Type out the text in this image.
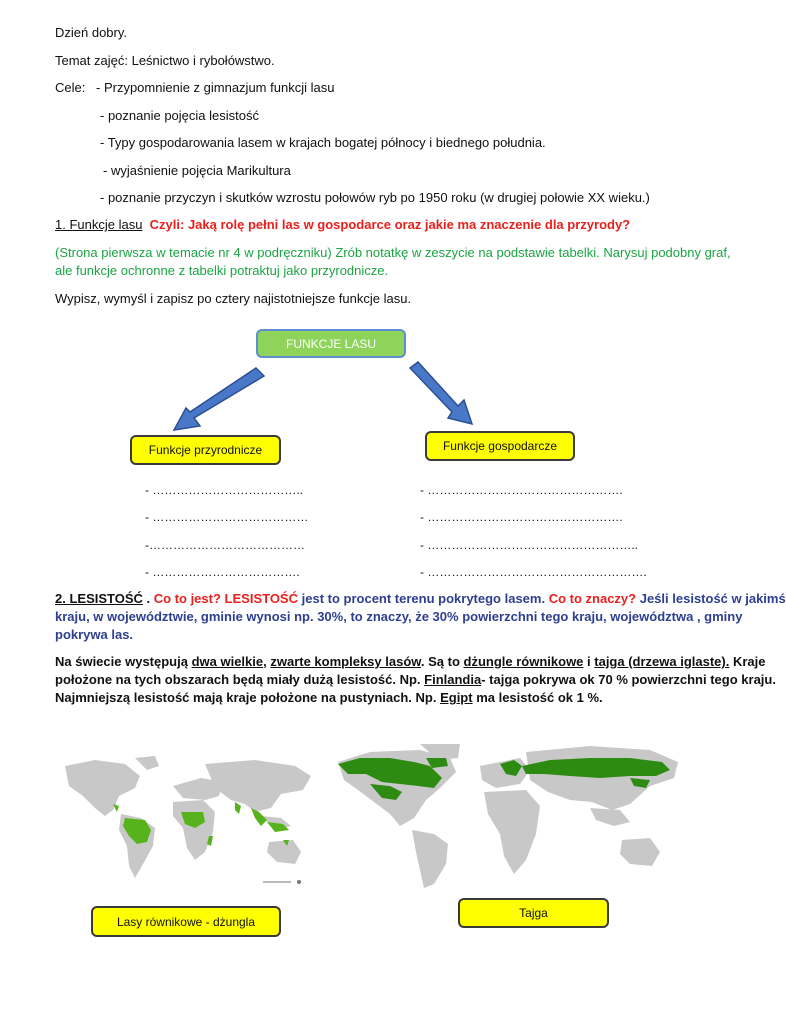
Dzień dobry.
Temat zajęć: Leśnictwo i rybołówstwo.
Cele: - Przypomnienie z gimnazjum funkcji lasu
- poznanie pojęcia lesistość
- Typy gospodarowania lasem w krajach bogatej północy i biednego południa.
- wyjaśnienie pojęcia Marikultura
- poznanie przyczyn i skutków wzrostu połowów ryb po 1950 roku (w drugiej połowie XX wieku.)
1. Funkcje lasu Czyli: Jaką rolę pełni las w gospodarce oraz jakie ma znaczenie dla przyrody?
(Strona pierwsza w temacie nr 4 w podręczniku) Zrób notatkę w zeszycie na podstawie tabelki. Narysuj podobny graf,
ale funkcje ochronne z tabelki potraktuj jako przyrodnicze.
Wypisz, wymyśl i zapisz po cztery najistotniejsze funkcje lasu.
FUNKCJE LASU
Funkcje przyrodnicze	Funkcje gospodarcze
- ………………………………..
- …………………………………
-…………………………………
- ……………………………….
- ………………………………………….
- ………………………………………….
- ……………………………………………..
- ……………………………………………….
2. LESISTOŚĆ . Co to jest? LESISTOŚĆ jest to procent terenu pokrytego lasem. Co to znaczy? Jeśli lesistość w jakimś
kraju, w województwie, gminie wynosi np. 30%, to znaczy, że 30% powierzchni tego kraju, województwa , gminy
pokrywa las.
Na świecie występują dwa wielkie, zwarte kompleksy lasów. Są to dżungle równikowe i tajga (drzewa iglaste). Kraje
położone na tych obszarach będą miały dużą lesistość. Np. Finlandia- tajga pokrywa ok 70 % powierzchni tego kraju.
Najmniejszą lesistość mają kraje położone na pustyniach. Np. Egipt ma lesistość ok 1 %.
Lasy równikowe - dżungla
Tajga
